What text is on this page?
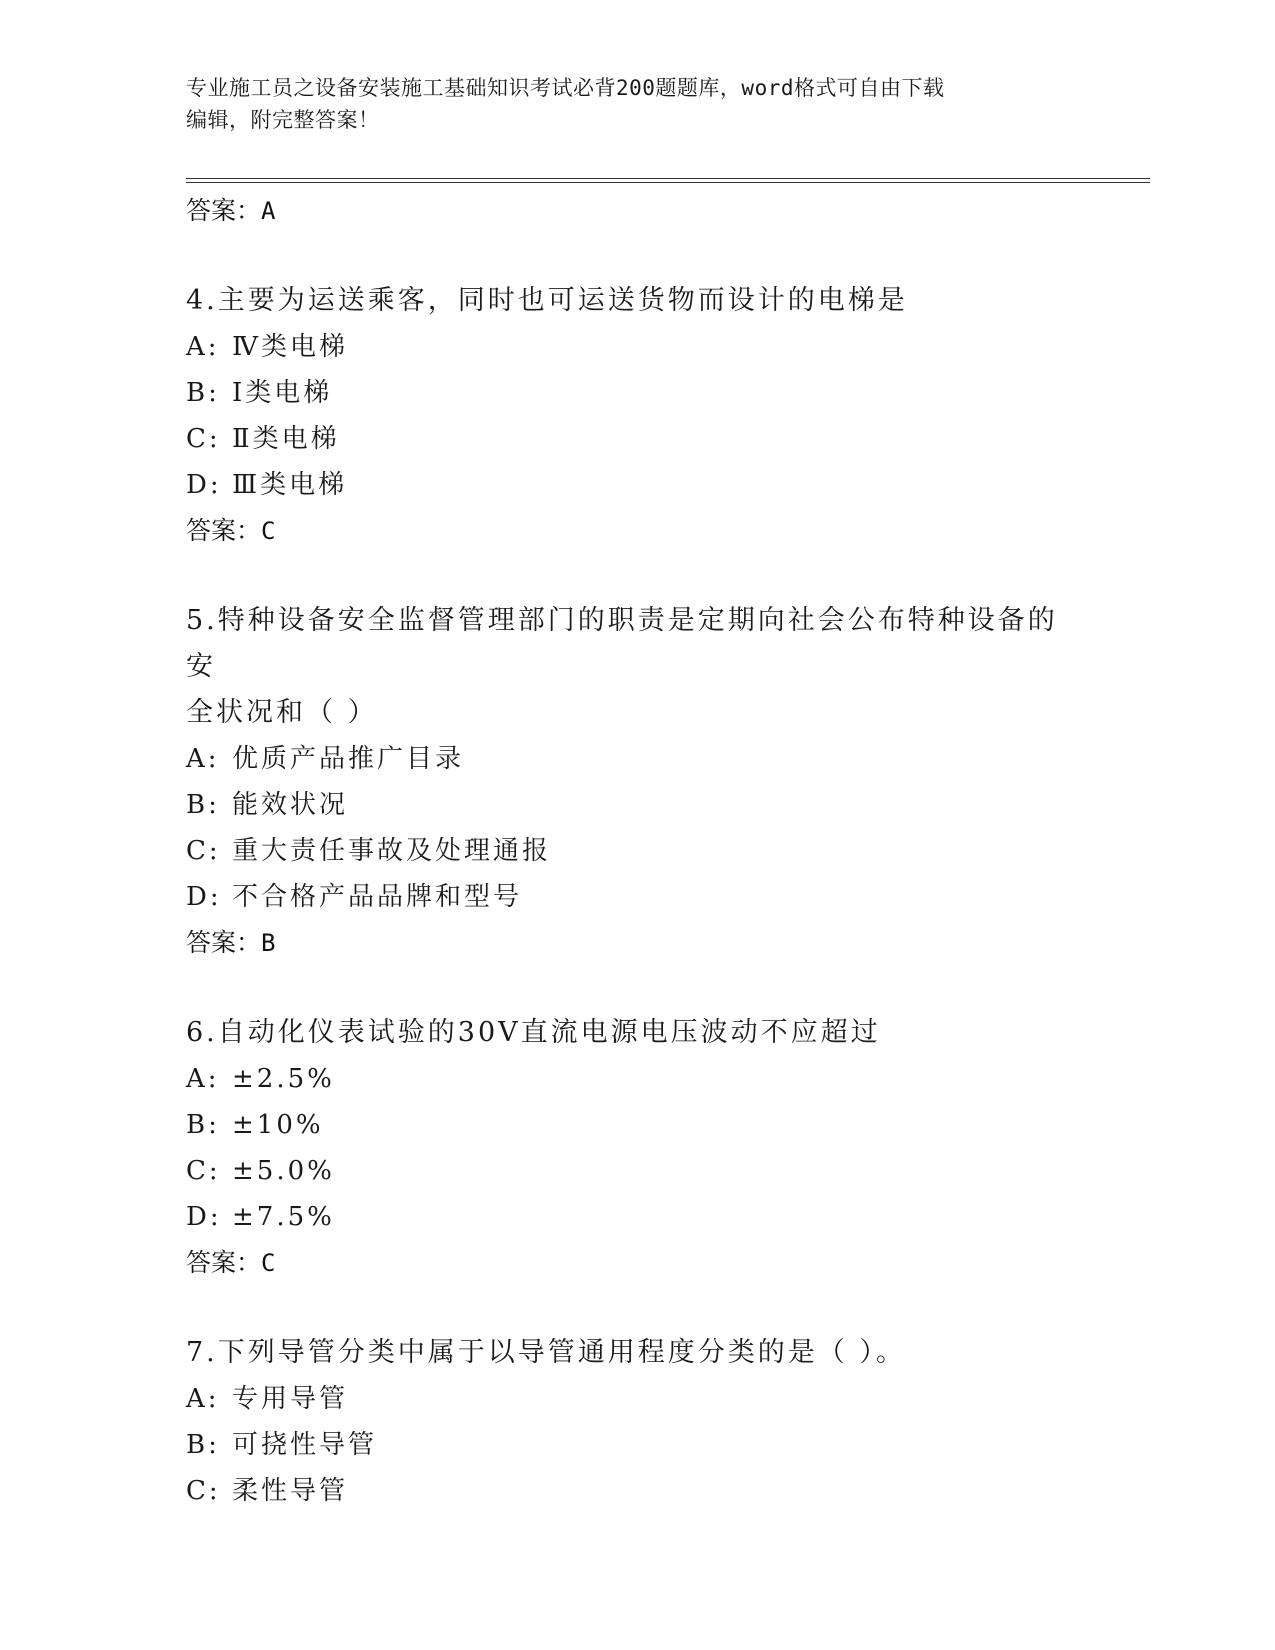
专业施工员之设备安装施工基础知识考试必背200题题库，word格式可自由下载
编辑，附完整答案！
答案：A
4.主要为运送乘客，同时也可运送货物而设计的电梯是
A: Ⅳ类电梯
B: Ⅰ类电梯
C: Ⅱ类电梯
D: Ⅲ类电梯
答案：C
5.特种设备安全监督管理部门的职责是定期向社会公布特种设备的安
全状况和（ ）
A: 优质产品推广目录
B: 能效状况
C: 重大责任事故及处理通报
D: 不合格产品品牌和型号
答案：B
6.自动化仪表试验的30V直流电源电压波动不应超过
A: ±2.5%
B: ±10%
C: ±5.0%
D: ±7.5%
答案：C
7.下列导管分类中属于以导管通用程度分类的是（ ）。
A: 专用导管
B: 可挠性导管
C: 柔性导管
